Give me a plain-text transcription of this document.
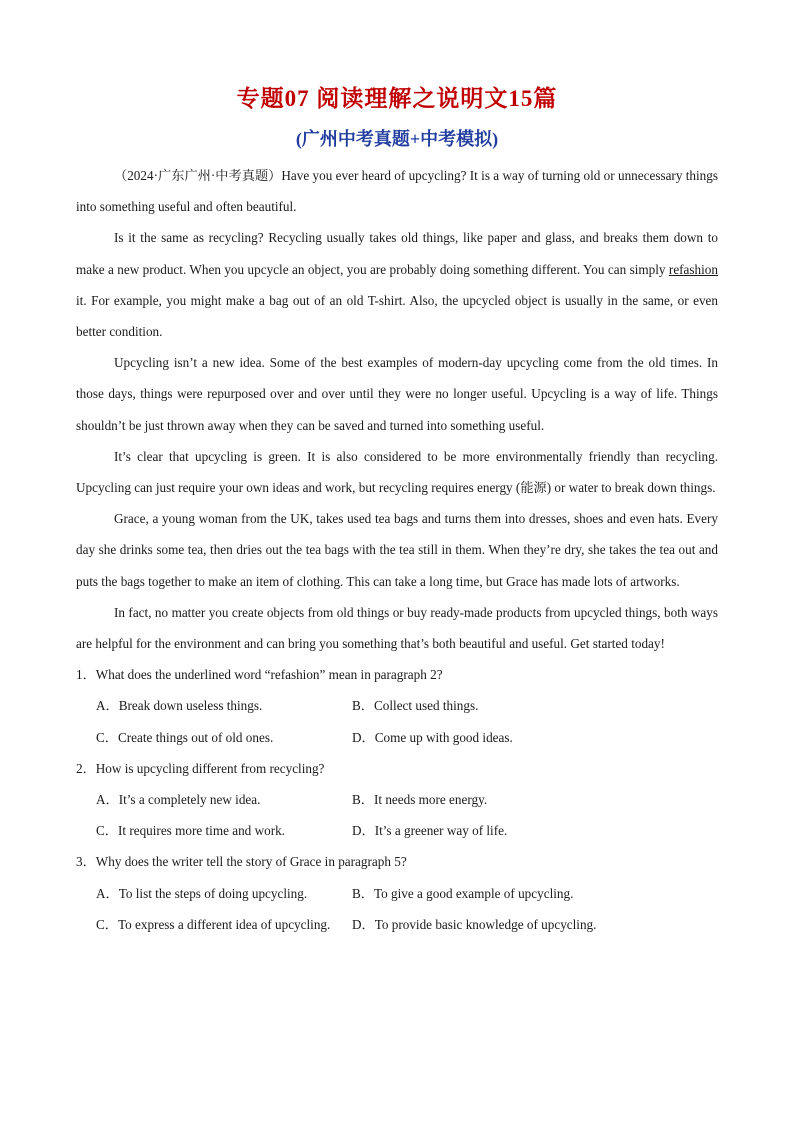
专题07 阅读理解之说明文15篇
(广州中考真题+中考模拟)

（2024·广东广州·中考真题）Have you ever heard of upcycling? It is a way of turning old or unnecessary things into something useful and often beautiful.

Is it the same as recycling? Recycling usually takes old things, like paper and glass, and breaks them down to make a new product. When you upcycle an object, you are probably doing something different. You can simply refashion it. For example, you might make a bag out of an old T-shirt. Also, the upcycled object is usually in the same, or even better condition.

Upcycling isn’t a new idea. Some of the best examples of modern-day upcycling come from the old times. In those days, things were repurposed over and over until they were no longer useful. Upcycling is a way of life. Things shouldn’t be just thrown away when they can be saved and turned into something useful.

It’s clear that upcycling is green. It is also considered to be more environmentally friendly than recycling. Upcycling can just require your own ideas and work, but recycling requires energy (能源) or water to break down things.

Grace, a young woman from the UK, takes used tea bags and turns them into dresses, shoes and even hats. Every day she drinks some tea, then dries out the tea bags with the tea still in them. When they’re dry, she takes the tea out and puts the bags together to make an item of clothing. This can take a long time, but Grace has made lots of artworks.

In fact, no matter you create objects from old things or buy ready-made products from upcycled things, both ways are helpful for the environment and can bring you something that’s both beautiful and useful. Get started today!

1．What does the underlined word “refashion” mean in paragraph 2?

A．Break down useless things.	B．Collect used things.
C．Create things out of old ones.	D．Come up with good ideas.

2．How is upcycling different from recycling?

A．It’s a completely new idea.	B．It needs more energy.
C．It requires more time and work.	D．It’s a greener way of life.

3．Why does the writer tell the story of Grace in paragraph 5?

A．To list the steps of doing upcycling.	B．To give a good example of upcycling.
C．To express a different idea of upcycling.	D．To provide basic knowledge of upcycling.
